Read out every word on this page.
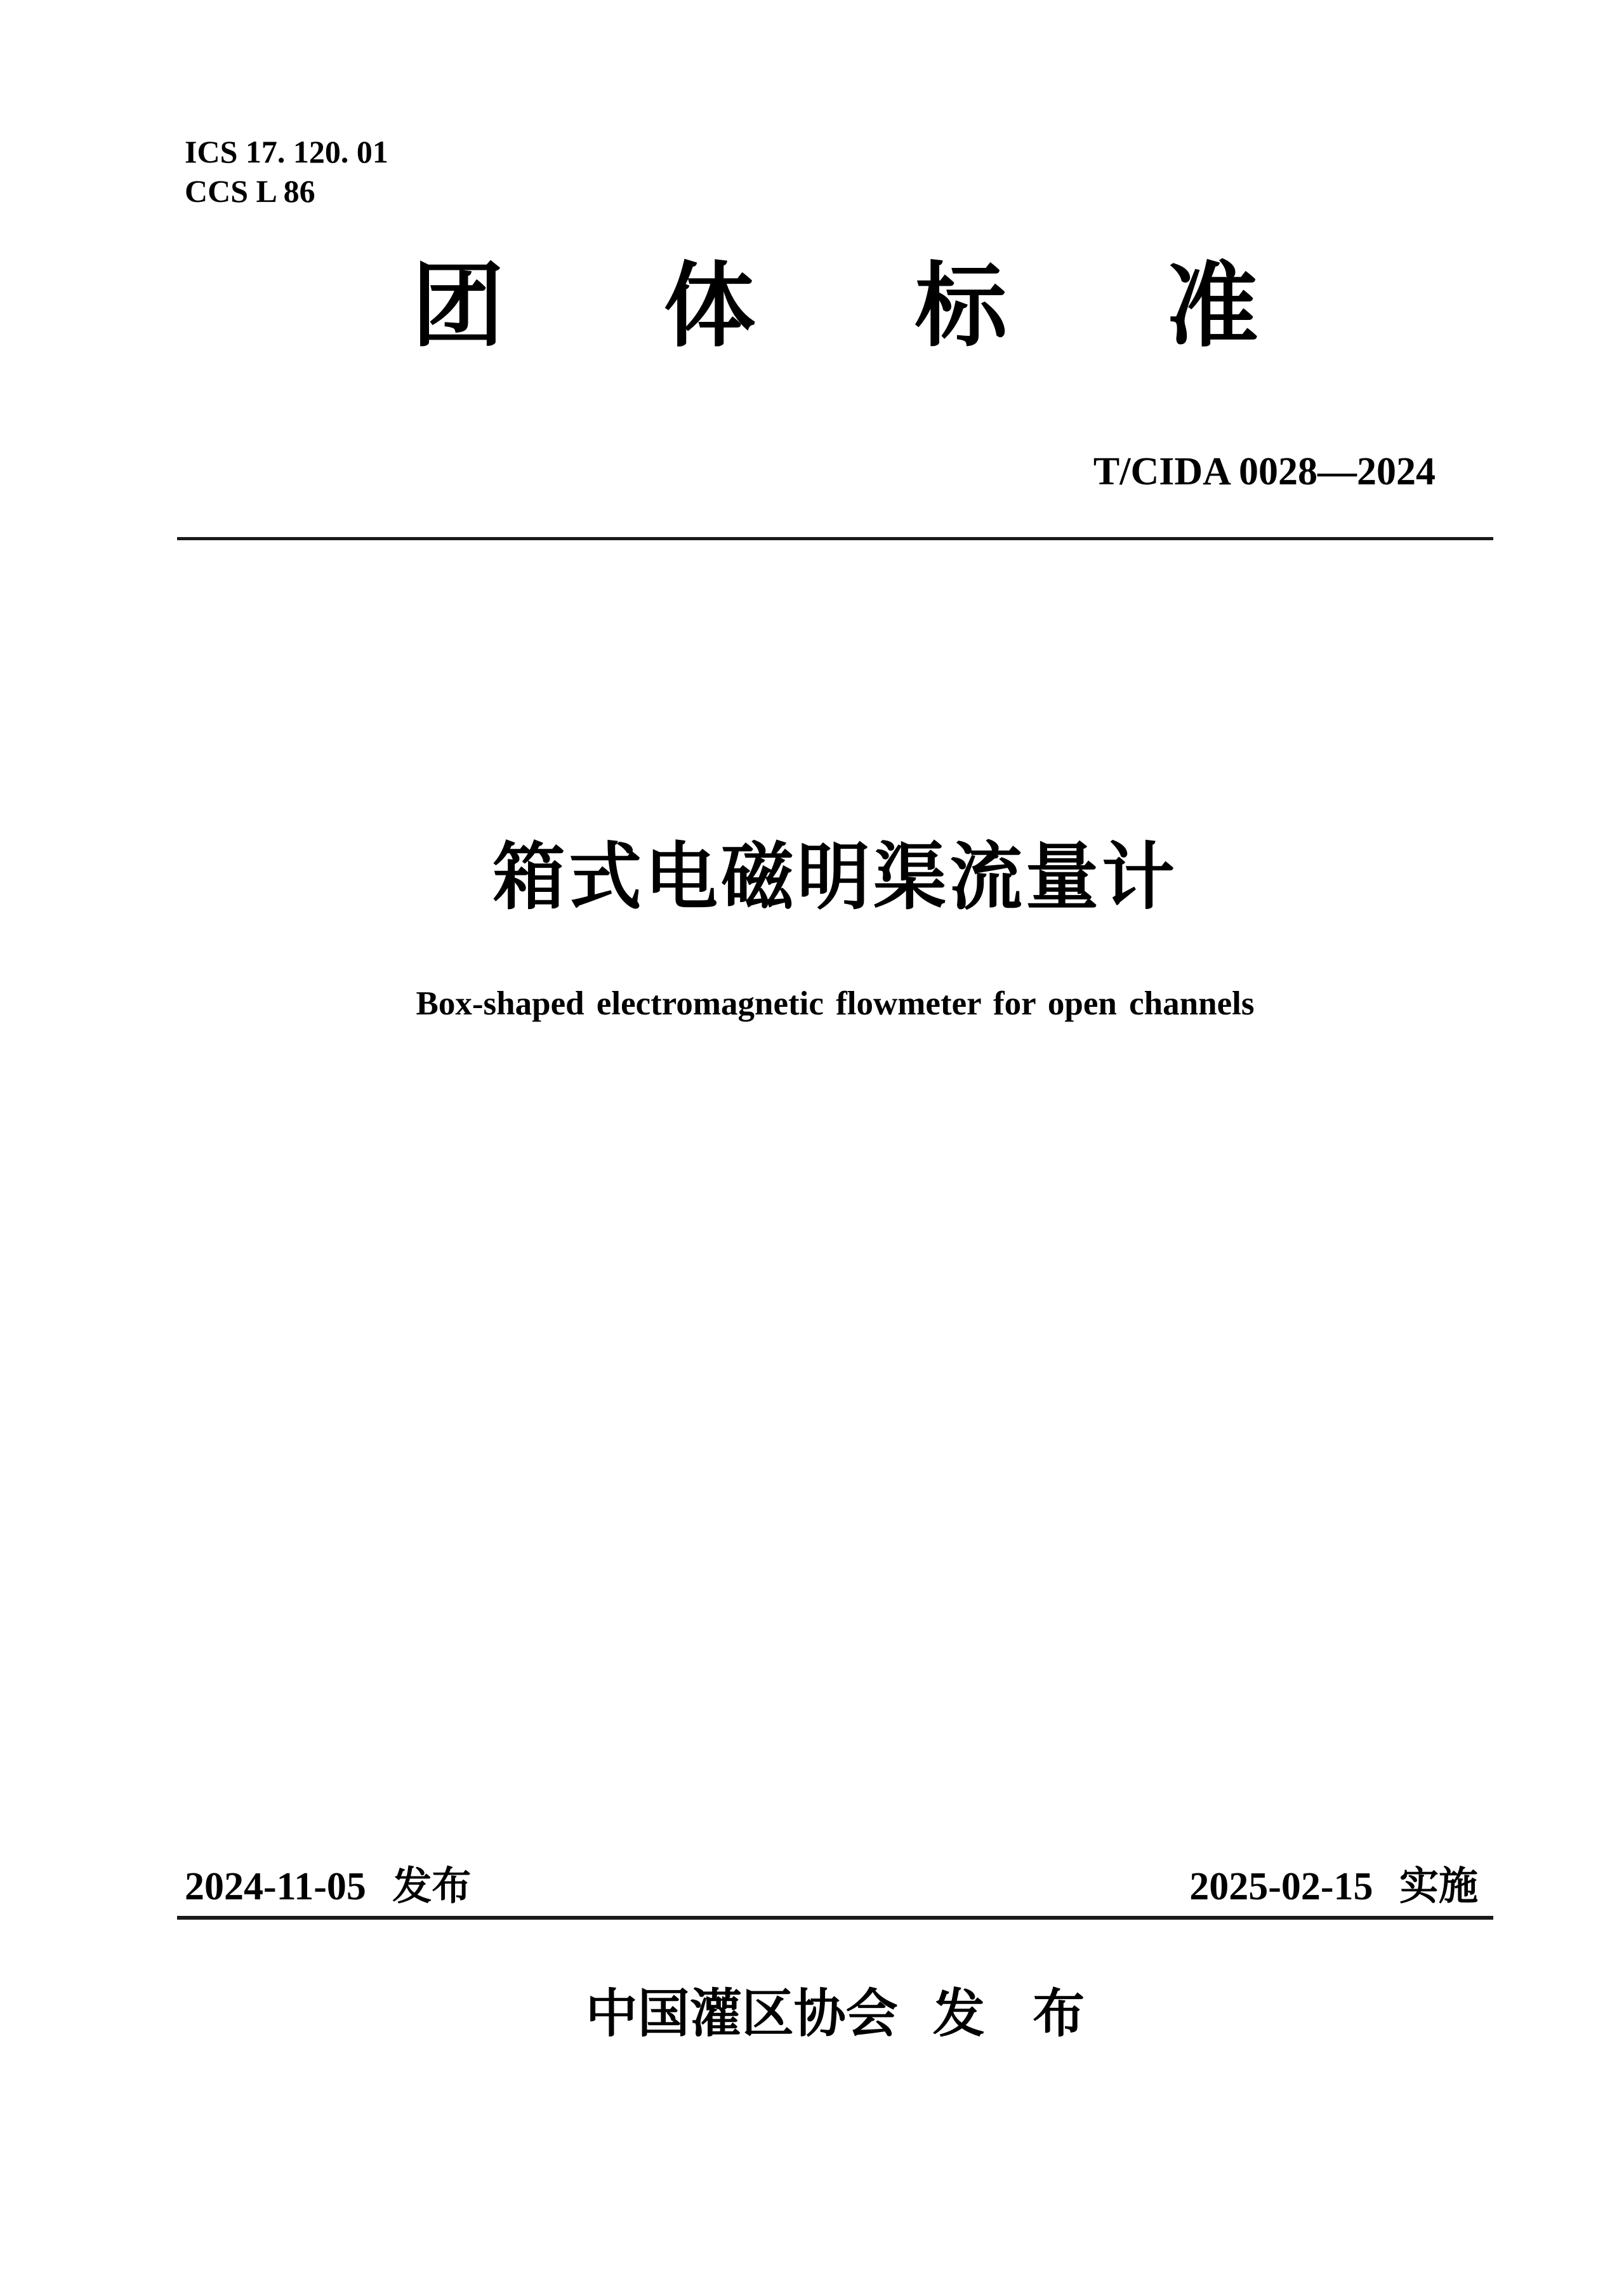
ICS 17. 120. 01
CCS L 86
团 体 标 准
T/CIDA 0028—2024
箱式电磁明渠流量计
Box-shaped electromagnetic flowmeter for open channels
2024-11-05 发布	2025-02-15 实施
中国灌区协会 发 布
